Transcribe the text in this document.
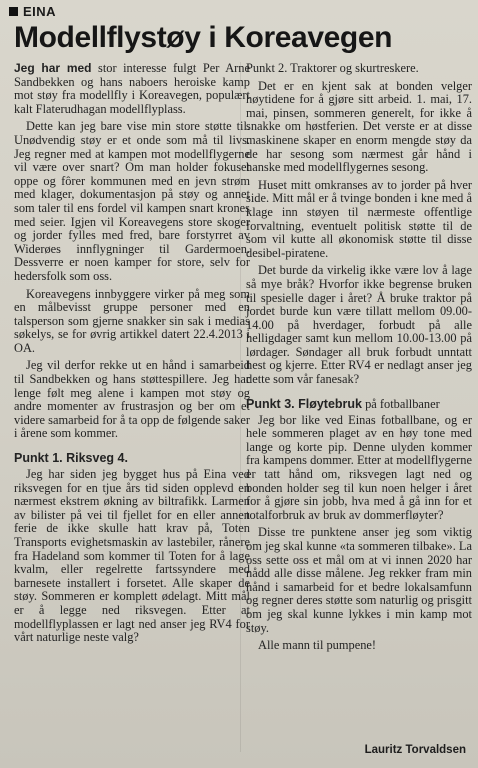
EINA
Modellflystøy i Koreavegen

Jeg har med stor interesse fulgt Per Arne Sandbekken og hans naboers heroiske kamp mot støy fra modellfly i Koreavegen, populært kalt Flaterudhagan modellflyplass.

Dette kan jeg bare vise min store støtte til. Unødvendig støy er et onde som må til livs. Jeg regner med at kampen mot modellflygerne vil være over snart? Om man holder fokuset oppe og fôrer kommunen med en jevn strøm med klager, dokumentasjon på støy og annet som taler til ens fordel vil kampen snart krones med seier. Igjen vil Koreavegens store skoger og jorder fylles med fred, bare forstyrret av Widerøes innflygninger til Gardermoen. Dessverre er noen kamper for store, selv for hedersfolk som oss.

Koreavegens innbyggere virker på meg som en målbevisst gruppe personer med en talsperson som gjerne snakker sin sak i medias søkelys, se for øvrig artikkel datert 22.4.2013 i OA.

Jeg vil derfor rekke ut en hånd i samarbeid til Sandbekken og hans støttespillere. Jeg har lenge følt meg alene i kampen mot støy og andre momenter av frustrasjon og ber om et videre samarbeid for å ta opp de følgende saker i årene som kommer.

Punkt 1. Riksveg 4.

Jeg har siden jeg bygget hus på Eina ved riksvegen for en tjue års tid siden opplevd en nærmest ekstrem økning av biltrafikk. Larmen av bilister på vei til fjellet for en eller annen ferie de ikke skulle hatt krav på, Toten Transports evighetsmaskin av lastebiler, rånere fra Hadeland som kommer til Toten for å lage kvalm, eller regelrette fartssyndere med barnesete installert i forsetet. Alle skaper de støy. Sommeren er komplett ødelagt. Mitt mål er å legge ned riksvegen. Etter at modellflyplassen er lagt ned anser jeg RV4 for vårt naturlige neste valg?

Punkt 2. Traktorer og skurtreskere.

Det er en kjent sak at bonden velger høytidene for å gjøre sitt arbeid. 1. mai, 17. mai, pinsen, sommeren generelt, for ikke å snakke om høstferien. Det verste er at disse maskinene skaper en enorm mengde støy da de har sesong som nærmest går hånd i hanske med modellflygernes sesong.

Huset mitt omkranses av to jorder på hver side. Mitt mål er å tvinge bonden i kne med å klage inn støyen til nærmeste offentlige forvaltning, eventuelt politisk støtte til de som vil kutte all økonomisk støtte til disse desibel-piratene.

Det burde da virkelig ikke være lov å lage så mye bråk? Hvorfor ikke begrense bruken til spesielle dager i året? Å bruke traktor på jordet burde kun være tillatt mellom 09.00-14.00 på hverdager, forbudt på alle helligdager samt kun mellom 10.00-13.00 på lørdager. Søndager all bruk forbudt unntatt hest og kjerre. Etter RV4 er nedlagt anser jeg dette som vår fanesak?

Punkt 3. Fløytebruk på fotballbaner

Jeg bor like ved Einas fotballbane, og er hele sommeren plaget av en høy tone med lange og korte pip. Denne ulyden kommer fra kampens dommer. Etter at modellflygerne er tatt hånd om, riksvegen lagt ned og bonden holder seg til kun noen helger i året for å gjøre sin jobb, hva med å gå inn for et totalforbruk av bruk av dommerfløyter?

Disse tre punktene anser jeg som viktig om jeg skal kunne «ta sommeren tilbake». La oss sette oss et mål om at vi innen 2020 har nådd alle disse målene. Jeg rekker fram min hånd i samarbeid for et bedre lokalsamfunn og regner deres støtte som naturlig og prisgitt om jeg skal kunne lykkes i min kamp mot støy.

Alle mann til pumpene!

Lauritz Torvaldsen
